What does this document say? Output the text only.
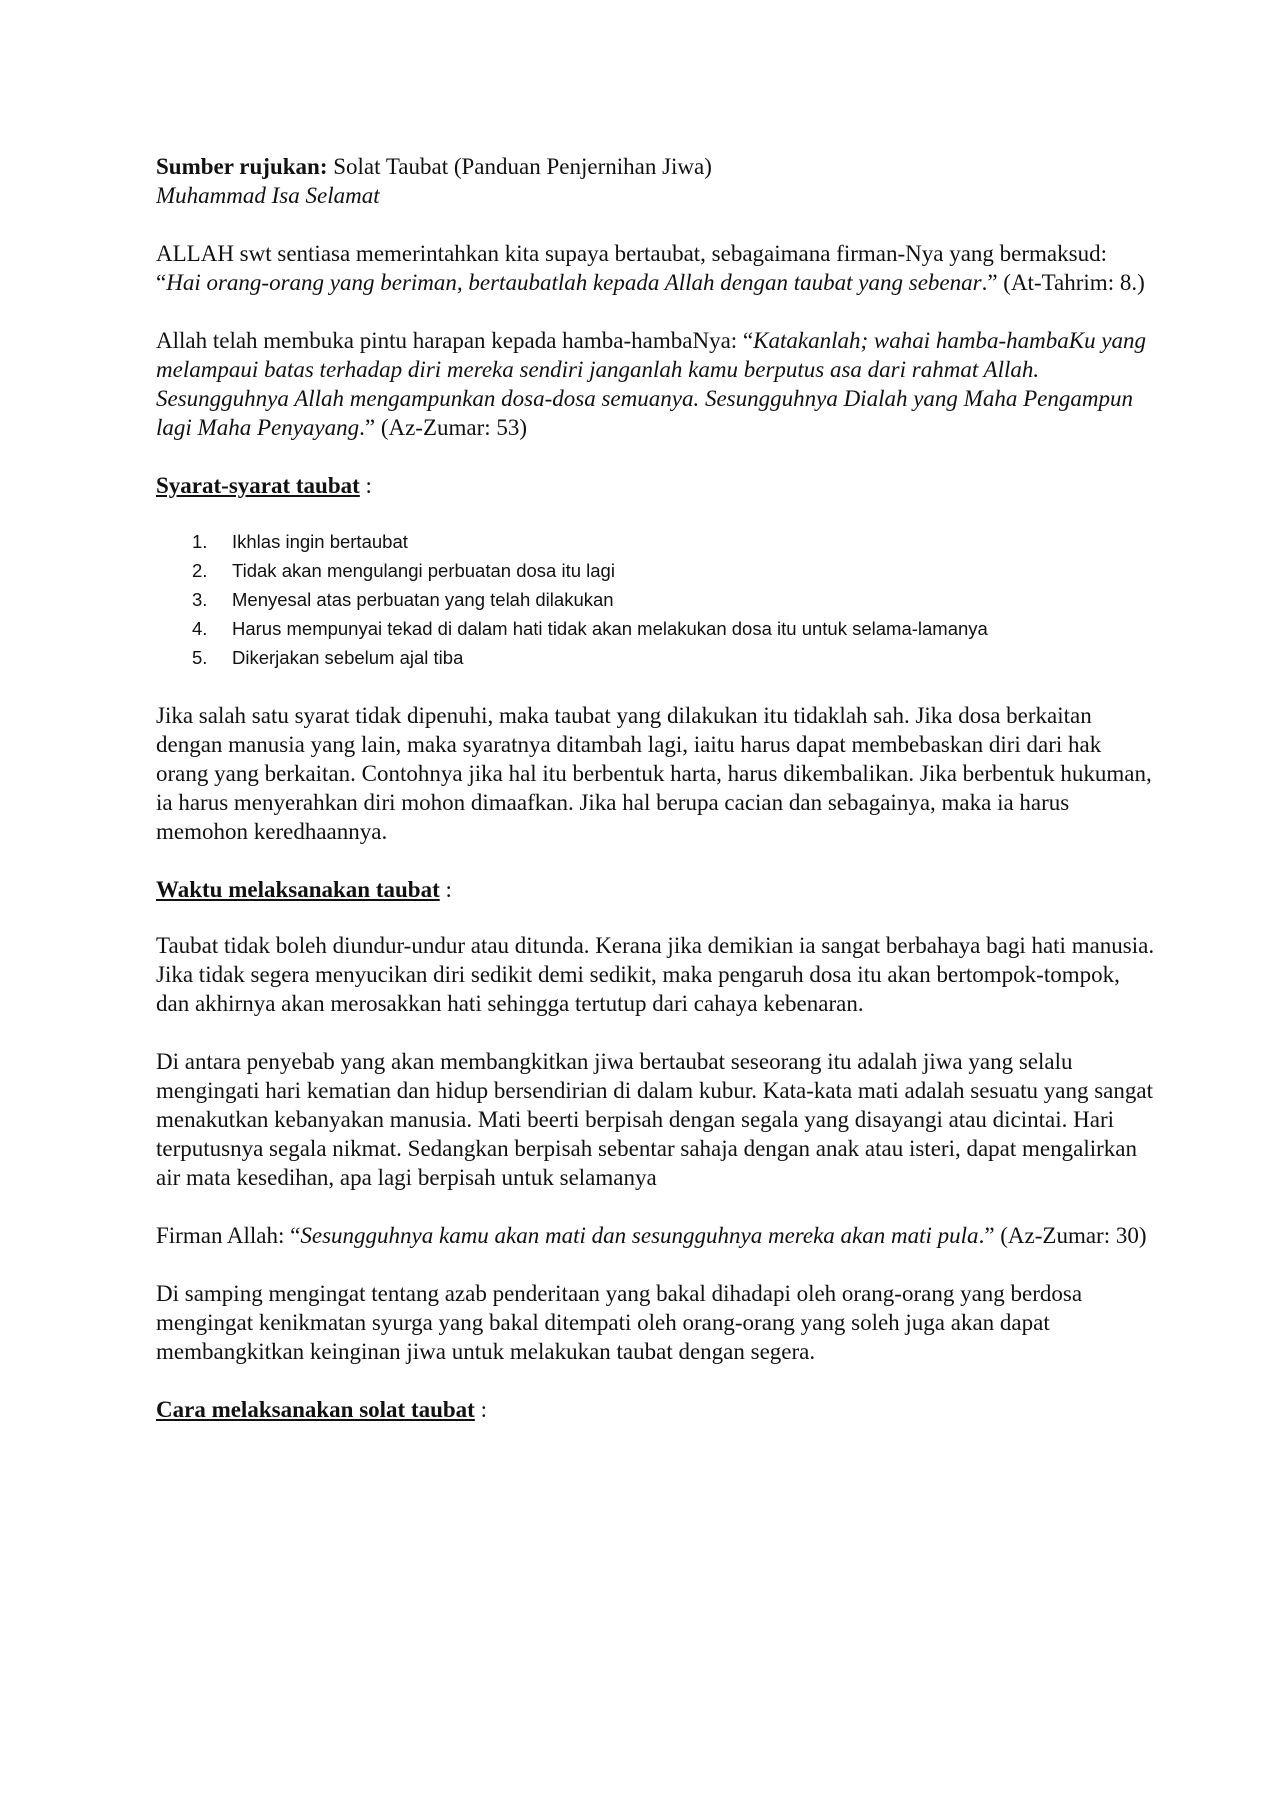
Sumber rujukan: Solat Taubat (Panduan Penjernihan Jiwa)
Muhammad Isa Selamat

ALLAH swt sentiasa memerintahkan kita supaya bertaubat, sebagaimana firman-Nya yang bermaksud: “Hai orang-orang yang beriman, bertaubatlah kepada Allah dengan taubat yang sebenar.” (At-Tahrim: 8.)

Allah telah membuka pintu harapan kepada hamba-hambaNya: “Katakanlah; wahai hamba-hambaKu yang melampaui batas terhadap diri mereka sendiri janganlah kamu berputus asa dari rahmat Allah. Sesungguhnya Allah mengampunkan dosa-dosa semuanya. Sesungguhnya Dialah yang Maha Pengampun lagi Maha Penyayang.” (Az-Zumar: 53)

Syarat-syarat taubat :

1.	Ikhlas ingin bertaubat
2.	Tidak akan mengulangi perbuatan dosa itu lagi
3.	Menyesal atas perbuatan yang telah dilakukan
4.	Harus mempunyai tekad di dalam hati tidak akan melakukan dosa itu untuk selama-lamanya
5.	Dikerjakan sebelum ajal tiba

Jika salah satu syarat tidak dipenuhi, maka taubat yang dilakukan itu tidaklah sah. Jika dosa berkaitan dengan manusia yang lain, maka syaratnya ditambah lagi, iaitu harus dapat membebaskan diri dari hak orang yang berkaitan. Contohnya jika hal itu berbentuk harta, harus dikembalikan. Jika berbentuk hukuman, ia harus menyerahkan diri mohon dimaafkan. Jika hal berupa cacian dan sebagainya, maka ia harus memohon keredhaannya.

Waktu melaksanakan taubat :

Taubat tidak boleh diundur-undur atau ditunda. Kerana jika demikian ia sangat berbahaya bagi hati manusia. Jika tidak segera menyucikan diri sedikit demi sedikit, maka pengaruh dosa itu akan bertompok-tompok, dan akhirnya akan merosakkan hati sehingga tertutup dari cahaya kebenaran.

Di antara penyebab yang akan membangkitkan jiwa bertaubat seseorang itu adalah jiwa yang selalu mengingati hari kematian dan hidup bersendirian di dalam kubur. Kata-kata mati adalah sesuatu yang sangat menakutkan kebanyakan manusia. Mati beerti berpisah dengan segala yang disayangi atau dicintai. Hari terputusnya segala nikmat. Sedangkan berpisah sebentar sahaja dengan anak atau isteri, dapat mengalirkan air mata kesedihan, apa lagi berpisah untuk selamanya

Firman Allah: “Sesungguhnya kamu akan mati dan sesungguhnya mereka akan mati pula.” (Az-Zumar: 30)

Di samping mengingat tentang azab penderitaan yang bakal dihadapi oleh orang-orang yang berdosa mengingat kenikmatan syurga yang bakal ditempati oleh orang-orang yang soleh juga akan dapat membangkitkan keinginan jiwa untuk melakukan taubat dengan segera.

Cara melaksanakan solat taubat :
